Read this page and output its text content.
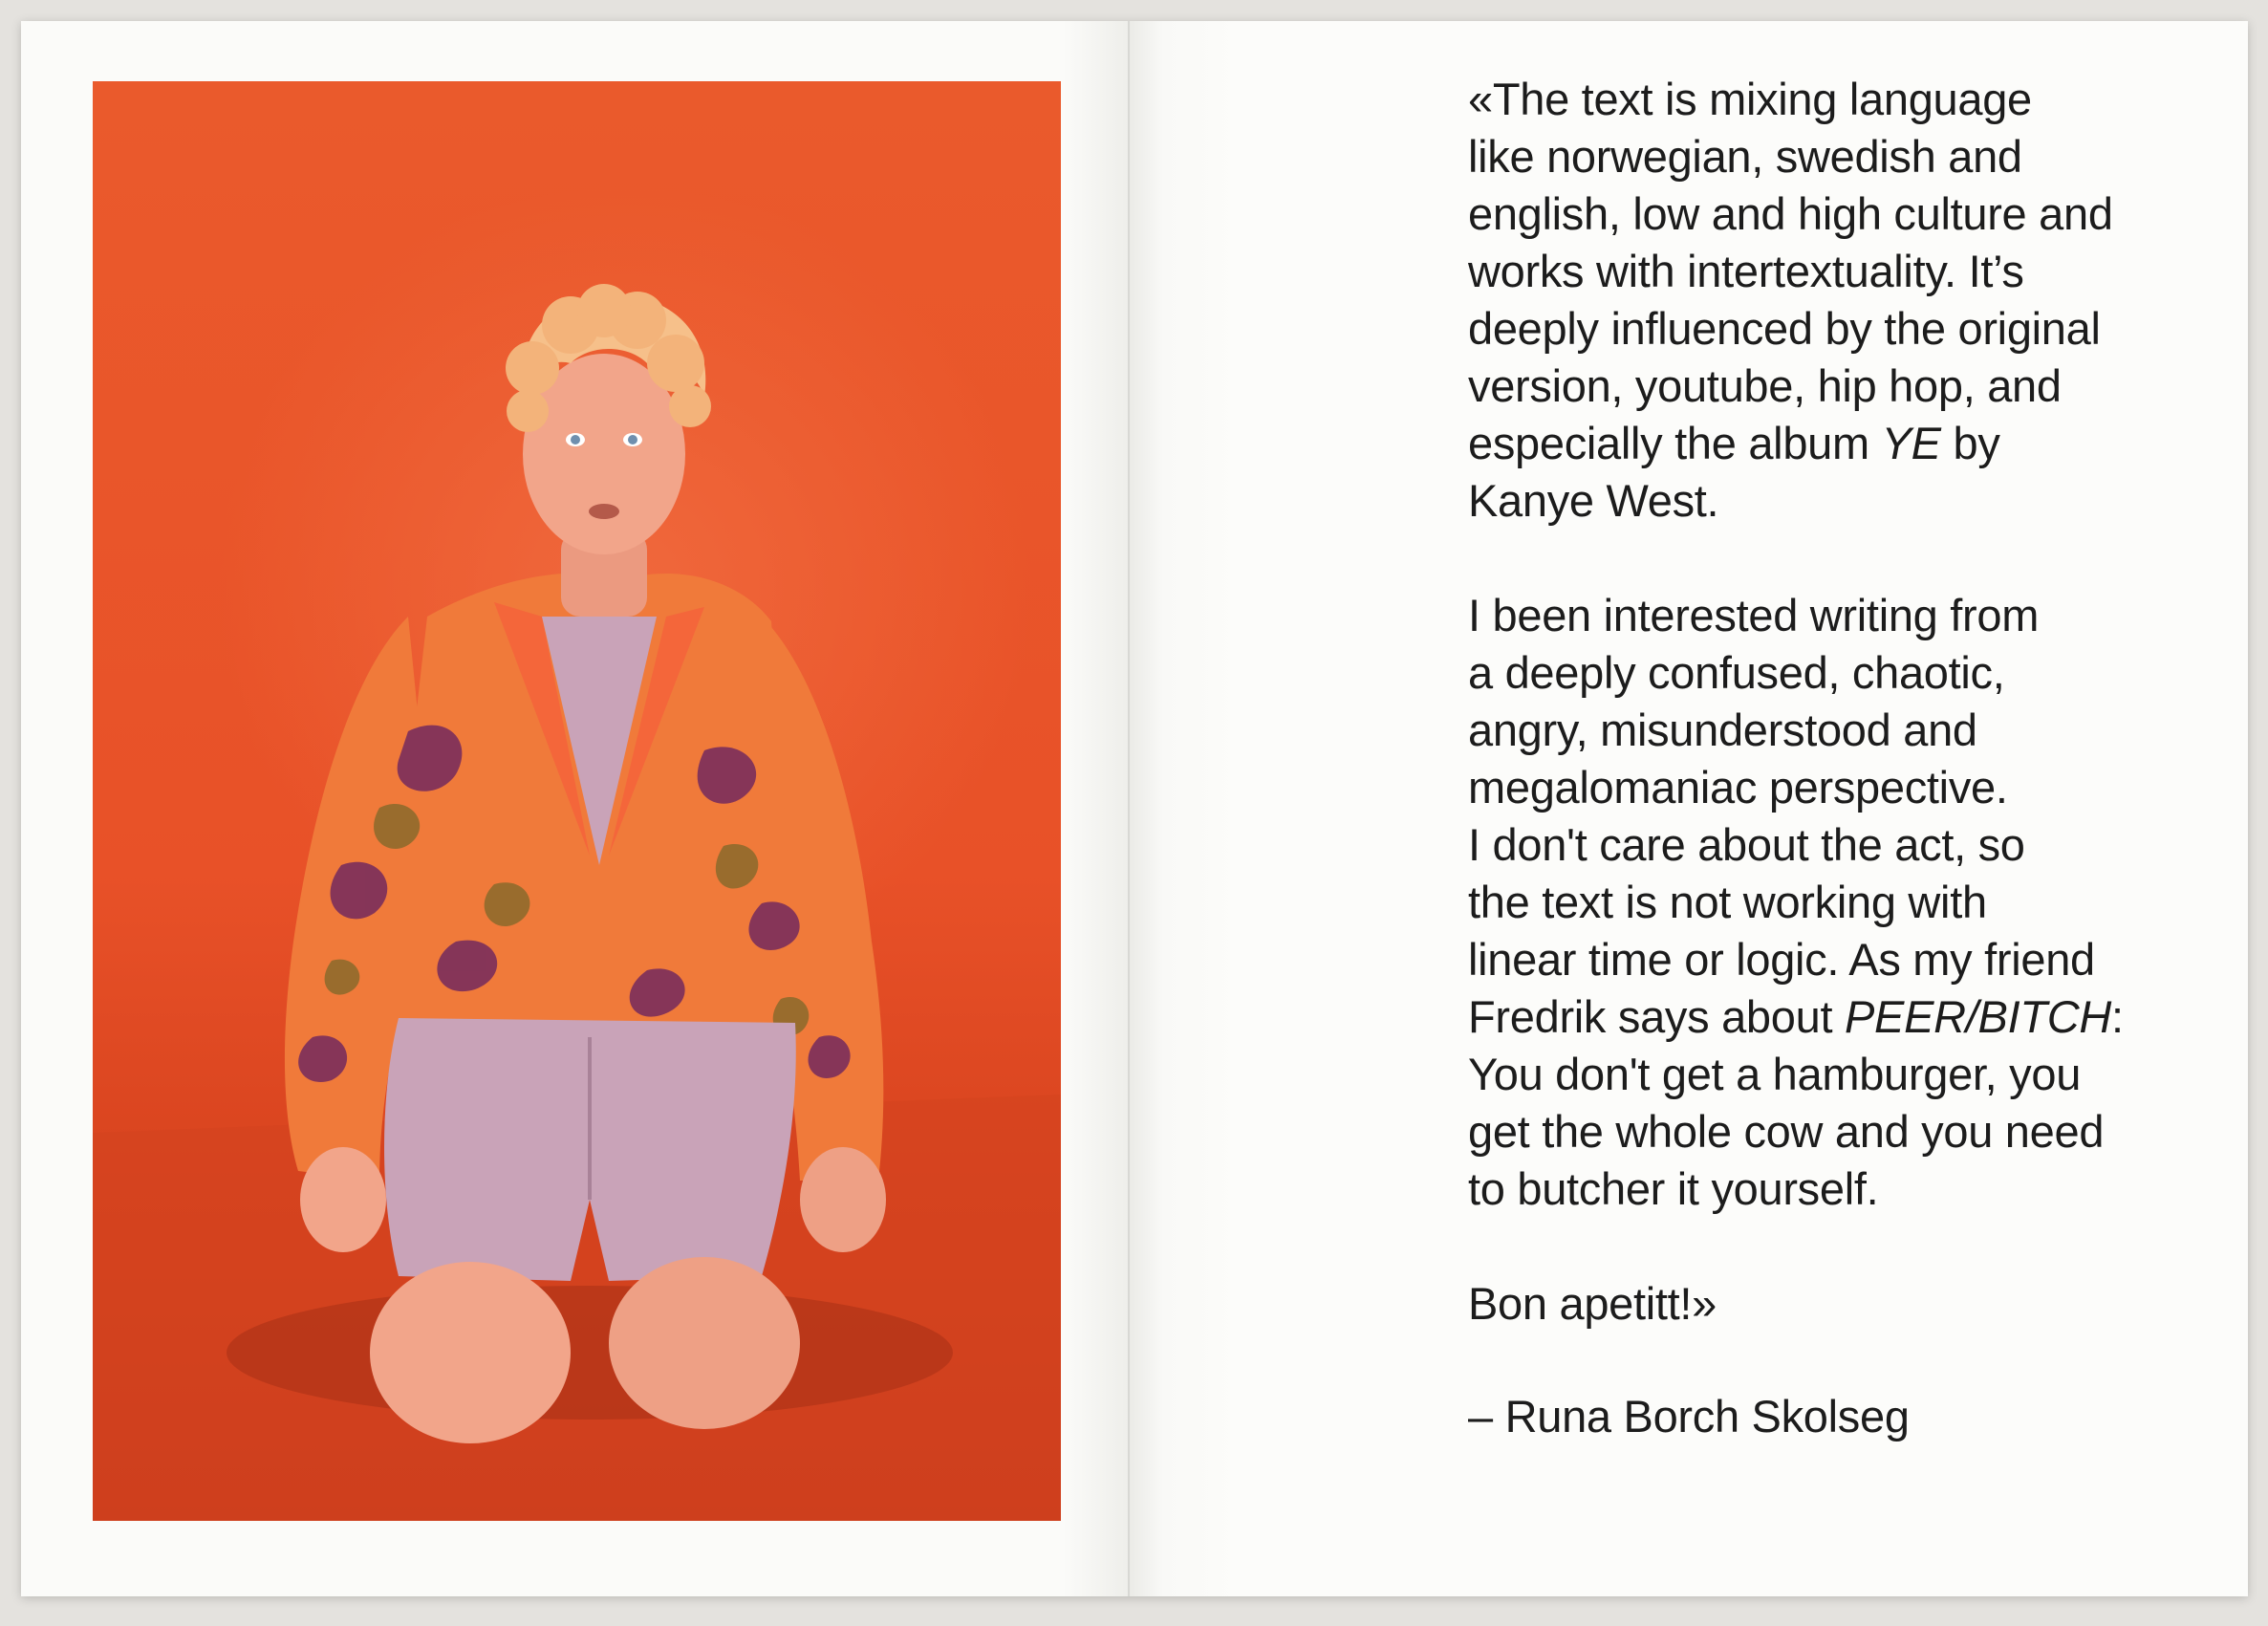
«The text is mixing language
like norwegian, swedish and
english, low and high culture and
works with intertextuality. It’s
deeply influenced by the original
version, youtube, hip hop, and
especially the album YE by
Kanye West.
I been interested writing from
a deeply confused, chaotic,
angry, misunderstood and
megalomaniac perspective.
I don't care about the act, so
the text is not working with
linear time or logic. As my friend
Fredrik says about PEER/BITCH:
You don't get a hamburger, you
get the whole cow and you need
to butcher it yourself.
Bon apetitt!»
– Runa Borch Skolseg
